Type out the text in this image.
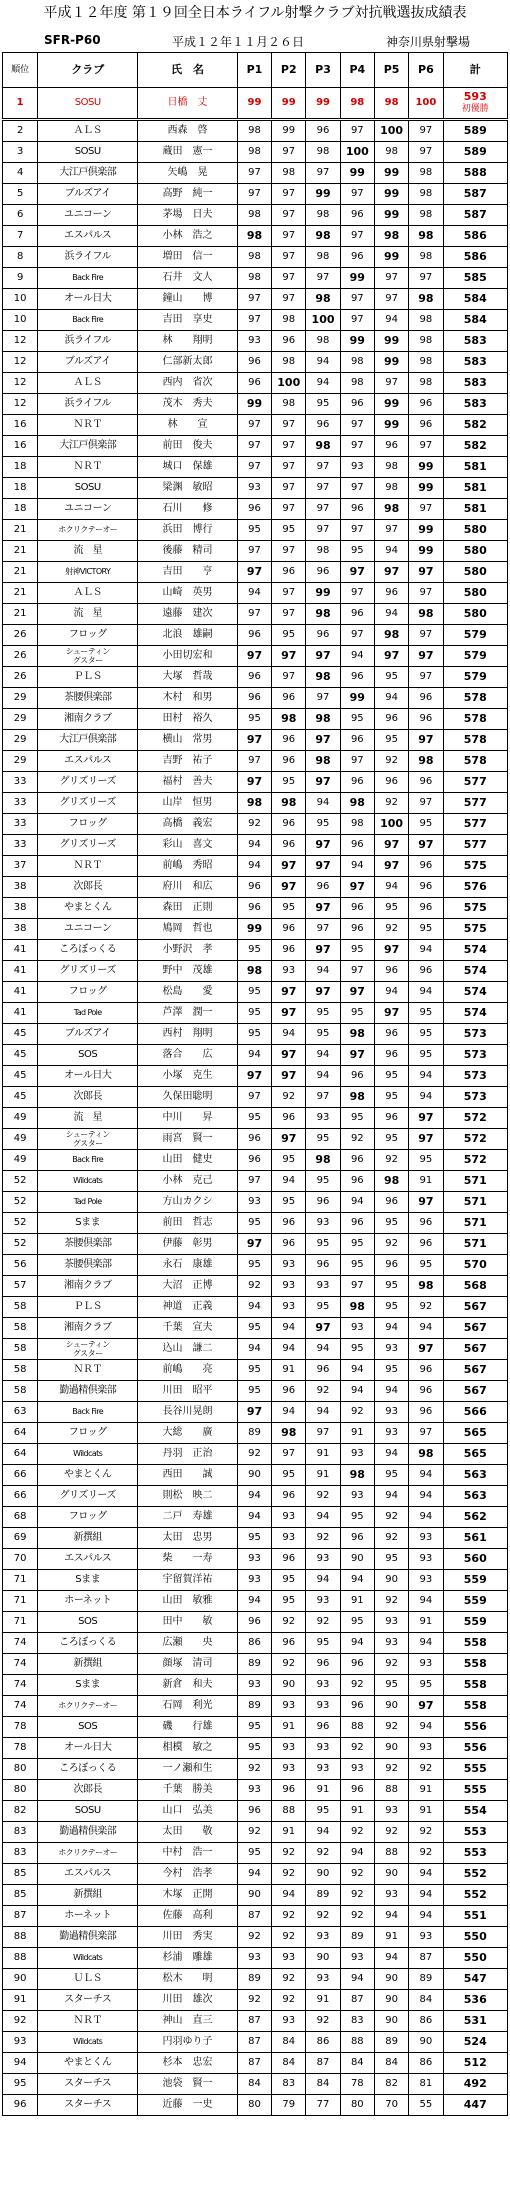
平成１２年度 第１９回全日本ライフル射撃クラブ対抗戦選抜成績表
SFR-P60	平成１２年１１月２６日	神奈川県射撃場
順位	クラブ	氏　名	P1	P2	P3	P4	P5	P6	計
1	SOSU	日橋　丈	99	99	99	98	98	100	593
初優勝

2	ＡＬＳ	西森　啓	98	99	96	97	100	97	589
3	SOSU	蔵田　憲一	98	97	98	100	98	97	589
4	大江戸倶楽部	矢嶋　晃	97	98	97	99	99	98	588
5	ブルズアイ	高野　純一	97	97	99	97	99	98	587
6	ユニコーン	茅場　日夫	98	97	98	96	99	98	587
7	エスパルス	小林　浩之	98	97	98	97	98	98	586
8	浜ライフル	増田　信一	98	97	98	96	99	98	586
9	Back Fire	石井　文人	98	97	97	99	97	97	585
10	オール日大	鐘山　　博	97	97	98	97	97	98	584
10	Back Fire	吉田　享史	97	98	100	97	94	98	584
12	浜ライフル	林　　翔明	93	96	98	99	99	98	583
12	ブルズアイ	仁部新太郎	96	98	94	98	99	98	583
12	ＡＬＳ	西内　省次	96	100	94	98	97	98	583
12	浜ライフル	茂木　秀夫	99	98	95	96	99	96	583
16	ＮＲＴ	林　　宣	97	97	96	97	99	96	582
16	大江戸倶楽部	前田　俊夫	97	97	98	97	96	97	582
18	ＮＲＴ	城口　保雄	97	97	97	93	98	99	581
18	SOSU	梁渊　敏昭	93	97	97	97	98	99	581
18	ユニコーン	石川　　修	96	97	97	96	98	97	581
21	ホクリクテーオー	浜田　博行	95	95	97	97	97	99	580
21	流　星	後藤　精司	97	97	98	95	94	99	580
21	射神VICTORY	吉田　　亨	97	96	96	97	97	97	580
21	ＡＬＳ	山崎　英男	94	97	99	97	96	97	580
21	流　星	遠藤　建次	97	97	98	96	94	98	580
26	フロッグ	北浪　雄嗣	96	95	96	97	98	97	579
26	シューティン
グスター	小田切宏和	97	97	97	94	97	97	579
26	ＰＬＳ	大塚　哲哉	96	97	98	96	95	97	579
29	茶腰倶楽部	木村　和男	96	96	97	99	94	96	578
29	湘南クラブ	田村　裕久	95	98	98	95	96	96	578
29	大江戸倶楽部	横山　常男	97	96	97	96	95	97	578
29	エスパルス	吉野　祐子	97	96	98	97	92	98	578
33	グリズリーズ	福村　善夫	97	95	97	96	96	96	577
33	グリズリーズ	山岸　恒男	98	98	94	98	92	97	577
33	フロッグ	高橋　義宏	92	96	95	98	100	95	577
33	グリズリーズ	彩山　喜文	94	96	97	96	97	97	577
37	ＮＲＴ	前嶋　秀昭	94	97	97	94	97	96	575
38	次郎長	府川　和広	96	97	96	97	94	96	576
38	やまとくん	森田　正則	96	95	97	96	95	96	575
38	ユニコーン	鳩岡　哲也	99	96	97	96	92	95	575
41	ころぼっくる	小野沢　孝	95	96	97	95	97	94	574
41	グリズリーズ	野中　茂雄	98	93	94	97	96	96	574
41	フロッグ	松島　　愛	95	97	97	97	94	94	574
41	Tad Pole	芦澤　潤一	95	97	95	95	97	95	574
45	ブルズアイ	西村　翔明	95	94	95	98	96	95	573
45	SOS	落合　　広	94	97	94	97	96	95	573
45	オール日大	小塚　克生	97	97	94	96	95	94	573
45	次郎長	久保田聡明	97	92	97	98	95	94	573
49	流　星	中川　　昇	95	96	93	95	96	97	572
49	シューティン
グスター	雨宮　賢一	96	97	95	92	95	97	572
49	Back Fire	山田　健史	96	95	98	96	92	95	572
52	Wildcats	小林　克己	97	94	95	96	98	91	571
52	Tad Pole	方山カクシ	93	95	96	94	96	97	571
52	Sまま	前田　哲志	95	96	93	96	95	96	571
52	茶腰倶楽部	伊藤　彰男	97	96	95	95	92	96	571
56	茶腰倶楽部	永石　康雄	95	93	96	95	96	95	570
57	湘南クラブ	大沼　正博	92	93	93	97	95	98	568
58	ＰＬＳ	神道　正義	94	93	95	98	95	92	567
58	湘南クラブ	千葉　宣夫	95	94	97	93	94	94	567
58	シューティン
グスター	込山　謙二	94	94	94	95	93	97	567
58	ＮＲＴ	前嶋　　亮	95	91	96	94	95	96	567
58	勤過精倶楽部	川田　昭平	95	96	92	94	94	96	567
63	Back Fire	長谷川晃朗	97	94	94	92	93	96	566
64	フロッグ	大総　　廣	89	98	97	91	93	97	565
64	Wildcats	丹羽　正治	92	97	91	93	94	98	565
66	やまとくん	西田　　誠	90	95	91	98	95	94	563
66	グリズリーズ	則松　映二	94	96	92	93	94	94	563
68	フロッグ	二戸　寿雄	94	93	94	95	92	94	562
69	新撰組	太田　忠男	95	93	92	96	92	93	561
70	エスパルス	柴　　一寿	93	96	93	90	95	93	560
71	Sまま	宇留賀洋祐	93	95	94	94	90	93	559
71	ホーネット	山田　敏雅	94	95	93	91	92	94	559
71	SOS	田中　　敏	96	92	92	95	93	91	559
74	ころぼっくる	広瀬　　央	86	96	95	94	93	94	558
74	新撰組	顔塚　清司	89	92	96	96	92	93	558
74	Sまま	新倉　和夫	93	90	93	92	95	95	558
74	ホクリクテーオー	石岡　利光	89	93	93	96	90	97	558
78	SOS	磯　　行雄	95	91	96	88	92	94	556
78	オール日大	相模　敏之	95	93	93	92	90	93	556
80	ころぼっくる	一ノ瀬和生	92	93	93	93	92	92	555
80	次郎長	千葉　勝美	93	96	91	96	88	91	555
82	SOSU	山口　弘美	96	88	95	91	93	91	554
83	勤過精倶楽部	太田　　敬	92	91	94	92	92	92	553
83	ホクリクテーオー	中村　浩一	95	92	92	94	88	92	553
85	エスパルス	今村　浩孝	94	92	90	92	90	94	552
85	新撰組	木塚　正開	90	94	89	92	93	94	552
87	ホーネット	佐藤　高利	87	92	92	92	94	94	551
88	勤過精倶楽部	川田　秀実	92	92	93	89	91	93	550
88	Wildcats	杉浦　雕雄	93	93	90	93	94	87	550
90	ＵＬＳ	松木　　明	89	92	93	94	90	89	547
91	スターチス	川田　雄次	92	92	91	87	90	84	536
92	ＮＲＴ	神山　直三	87	93	92	83	90	86	531
93	Wildcats	円羽ゆり子	87	84	86	88	89	90	524
94	やまとくん	杉本　忠宏	87	84	87	84	84	86	512
95	スターチス	池袋　賢一	84	83	84	78	82	81	492
96	スターチス	近藤　一史	80	79	77	80	70	55	447
